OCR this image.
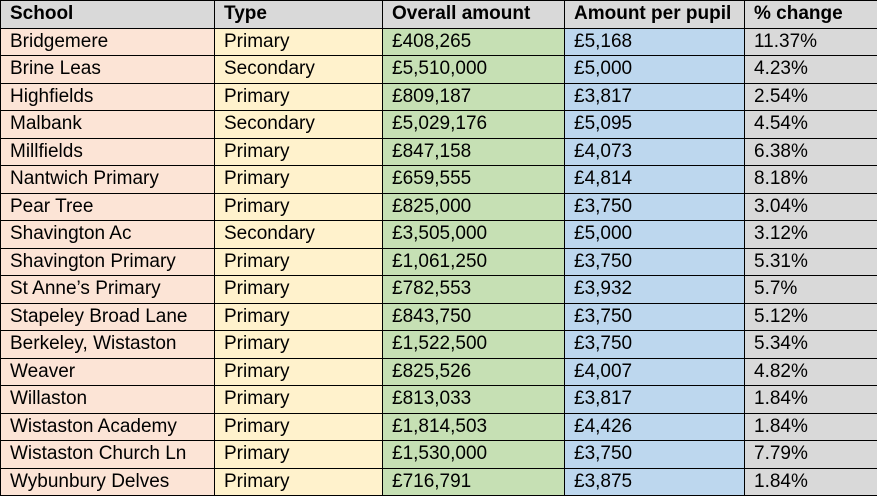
School	Type	Overall amount	Amount per pupil	% change
Bridgemere	Primary	£408,265	£5,168	11.37%
Brine Leas	Secondary	£5,510,000	£5,000	4.23%
Highfields	Primary	£809,187	£3,817	2.54%
Malbank	Secondary	£5,029,176	£5,095	4.54%
Millfields	Primary	£847,158	£4,073	6.38%
Nantwich Primary	Primary	£659,555	£4,814	8.18%
Pear Tree	Primary	£825,000	£3,750	3.04%
Shavington Ac	Secondary	£3,505,000	£5,000	3.12%
Shavington Primary	Primary	£1,061,250	£3,750	5.31%
St Anne’s Primary	Primary	£782,553	£3,932	5.7%
Stapeley Broad Lane	Primary	£843,750	£3,750	5.12%
Berkeley, Wistaston	Primary	£1,522,500	£3,750	5.34%
Weaver	Primary	£825,526	£4,007	4.82%
Willaston	Primary	£813,033	£3,817	1.84%
Wistaston Academy	Primary	£1,814,503	£4,426	1.84%
Wistaston Church Ln	Primary	£1,530,000	£3,750	7.79%
Wybunbury Delves	Primary	£716,791	£3,875	1.84%
